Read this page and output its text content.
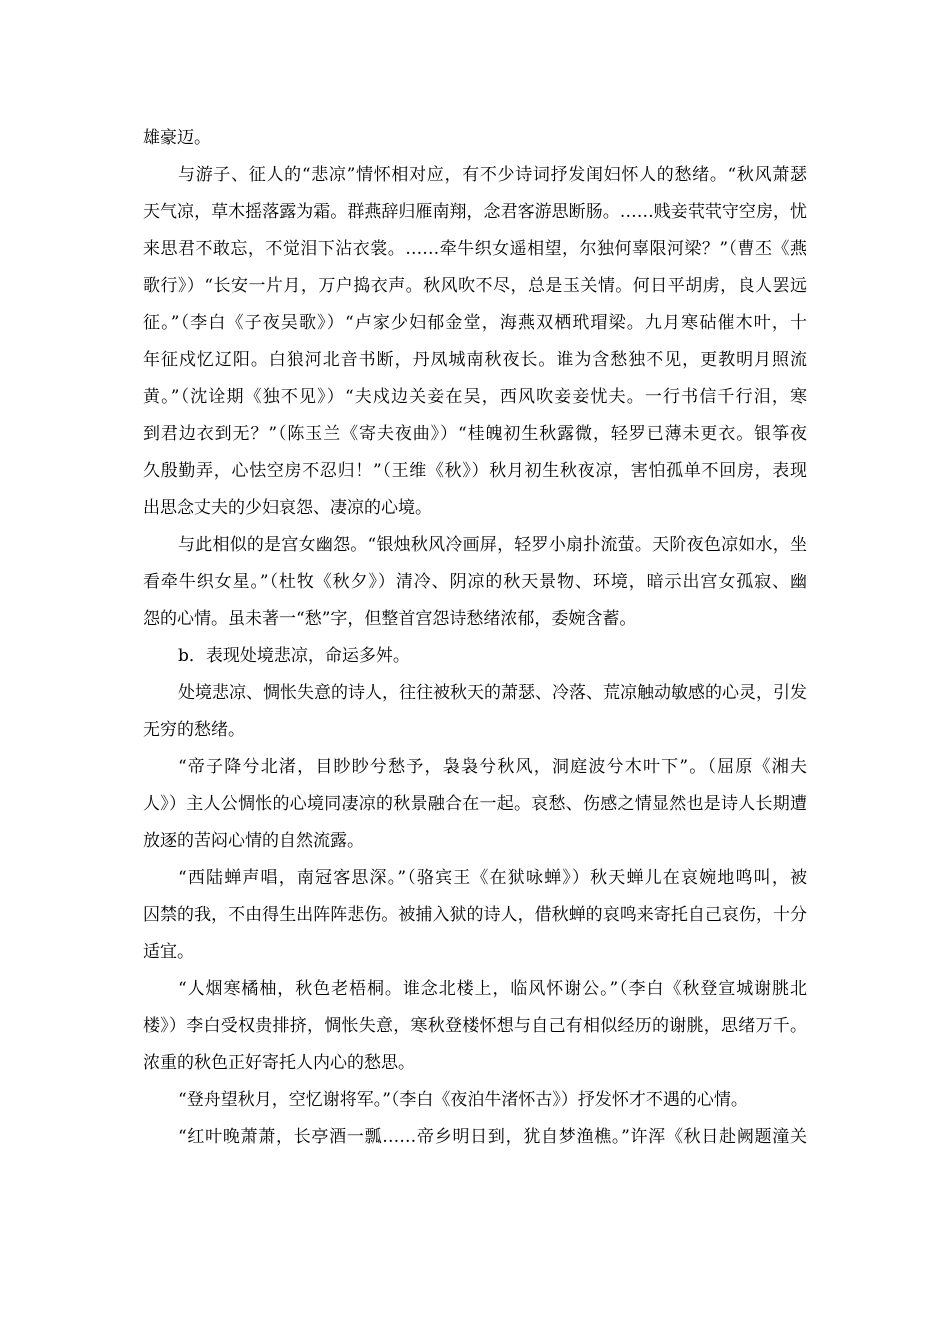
雄豪迈。
与游子、征人的“悲凉”情怀相对应，有不少诗词抒发闺妇怀人的愁绪。“秋风萧瑟
天气凉，草木摇落露为霜。群燕辞归雁南翔，念君客游思断肠。……贱妾茕茕守空房，忧
来思君不敢忘，不觉泪下沾衣裳。……牵牛织女遥相望，尔独何辜限河梁？”（曹丕《燕
歌行》）“长安一片月，万户捣衣声。秋风吹不尽，总是玉关情。何日平胡虏，良人罢远
征。”（李白《子夜吴歌》）“卢家少妇郁金堂，海燕双栖玳瑁梁。九月寒砧催木叶，十
年征戍忆辽阳。白狼河北音书断，丹凤城南秋夜长。谁为含愁独不见，更教明月照流
黄。”（沈诠期《独不见》）“夫戍边关妾在吴，西风吹妾妾忧夫。一行书信千行泪，寒
到君边衣到无？”（陈玉兰《寄夫夜曲》）“桂魄初生秋露微，轻罗已薄未更衣。银筝夜
久殷勤弄，心怯空房不忍归！”（王维《秋》）秋月初生秋夜凉，害怕孤单不回房，表现
出思念丈夫的少妇哀怨、凄凉的心境。
与此相似的是宫女幽怨。“银烛秋风冷画屏，轻罗小扇扑流萤。天阶夜色凉如水，坐
看牵牛织女星。”（杜牧《秋夕》）清冷、阴凉的秋天景物、环境，暗示出宫女孤寂、幽
怨的心情。虽未著一“愁”字，但整首宫怨诗愁绪浓郁，委婉含蓄。
b．表现处境悲凉，命运多舛。
处境悲凉、惆怅失意的诗人，往往被秋天的萧瑟、冷落、荒凉触动敏感的心灵，引发
无穷的愁绪。
“帝子降兮北渚，目眇眇兮愁予，袅袅兮秋风，洞庭波兮木叶下”。（屈原《湘夫
人》）主人公惆怅的心境同凄凉的秋景融合在一起。哀愁、伤感之情显然也是诗人长期遭
放逐的苦闷心情的自然流露。
“西陆蝉声唱，南冠客思深。”（骆宾王《在狱咏蝉》）秋天蝉儿在哀婉地鸣叫，被
囚禁的我，不由得生出阵阵悲伤。被捕入狱的诗人，借秋蝉的哀鸣来寄托自己哀伤，十分
适宜。
“人烟寒橘柚，秋色老梧桐。谁念北楼上，临风怀谢公。”（李白《秋登宣城谢朓北
楼》）李白受权贵排挤，惆怅失意，寒秋登楼怀想与自己有相似经历的谢朓，思绪万千。
浓重的秋色正好寄托人内心的愁思。
“登舟望秋月，空忆谢将军。”（李白《夜泊牛渚怀古》）抒发怀才不遇的心情。
“红叶晚萧萧，长亭酒一瓢……帝乡明日到，犹自梦渔樵。”许浑《秋日赴阙题潼关
